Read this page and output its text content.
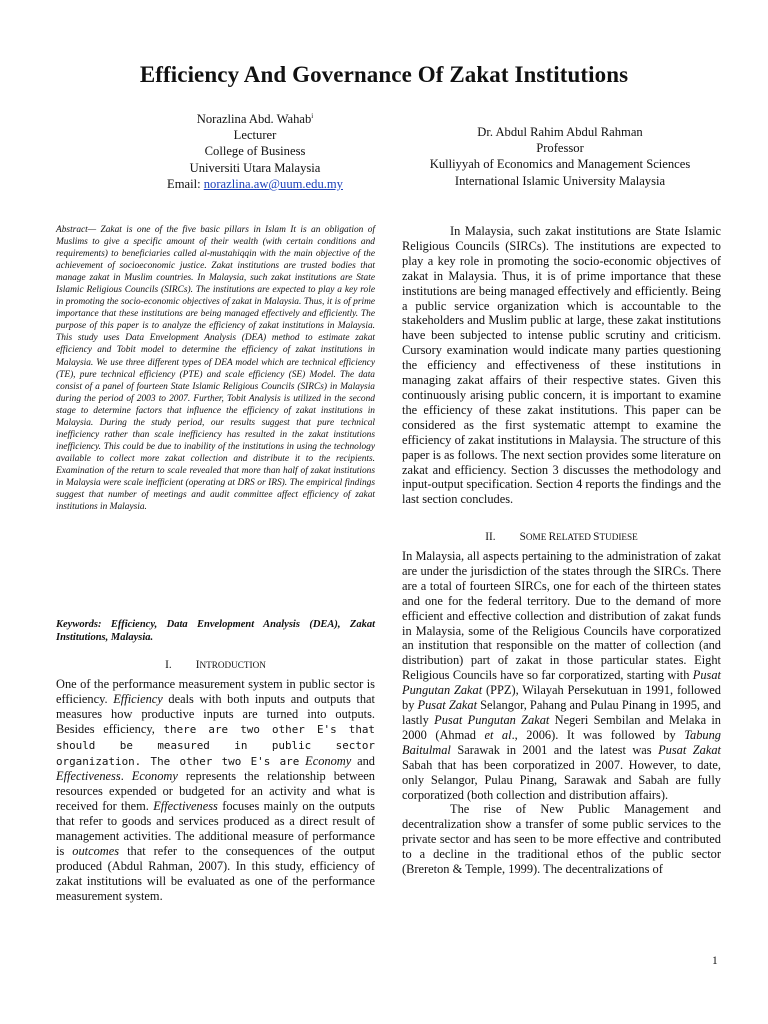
Efficiency And Governance Of Zakat Institutions
Norazlina Abd. Wahab$^i$
Lecturer
College of Business
Universiti Utara Malaysia
Email: norazlina.aw@uum.edu.my
Dr. Abdul Rahim Abdul Rahman
Professor
Kulliyyah of Economics and Management Sciences
International Islamic University Malaysia

Abstract— Zakat is one of the five basic pillars in Islam It is an obligation of Muslims to give a specific amount of their wealth (with certain conditions and requirements) to beneficiaries called al-mustahiqqin with the main objective of the achievement of socioeconomic justice. Zakat institutions are trusted bodies that manage zakat in Muslim countries. In Malaysia, such zakat institutions are State Islamic Religious Councils (SIRCs). The institutions are expected to play a key role in promoting the socio-economic objectives of zakat in Malaysia. Thus, it is of prime importance that these institutions are being managed effectively and efficiently. The purpose of this paper is to analyze the efficiency of zakat institutions in Malaysia. This study uses Data Envelopment Analysis (DEA) method to estimate zakat efficiency and Tobit model to determine the efficiency of zakat institutions in Malaysia. We use three different types of DEA model which are technical efficiency (TE), pure technical efficiency (PTE) and scale efficiency (SE) Model. The data consist of a panel of fourteen State Islamic Religious Councils (SIRCs) in Malaysia during the period of 2003 to 2007. Further, Tobit Analysis is utilized in the second stage to determine factors that influence the efficiency of zakat institutions in Malaysia. During the study period, our results suggest that pure technical inefficiency rather than scale inefficiency has resulted in the zakat institutions inefficiency. This could be due to inability of the institutions in using the technology available to collect more zakat collection and distribute it to the recipients. Examination of the return to scale revealed that more than half of zakat institutions in Malaysia were scale inefficient (operating at DRS or IRS). The empirical findings suggest that number of meetings and audit committee affect efficiency of zakat institutions in Malaysia.

Keywords: Efficiency, Data Envelopment Analysis (DEA), Zakat Institutions, Malaysia.
I. INTRODUCTION

One of the performance measurement system in public sector is efficiency. Efficiency deals with both inputs and outputs that measures how productive inputs are turned into outputs. Besides efficiency, there are two other E's that should be measured in public sector organization. The other two E's are Economy and Effectiveness. Economy represents the relationship between resources expended or budgeted for an activity and what is received for them. Effectiveness focuses mainly on the outputs that refer to goods and services produced as a direct result of management activities. The additional measure of performance is outcomes that refer to the consequences of the output produced (Abdul Rahman, 2007). In this study, efficiency of zakat institutions will be evaluated as one of the performance measurement system.

In Malaysia, such zakat institutions are State Islamic Religious Councils (SIRCs). The institutions are expected to play a key role in promoting the socio-economic objectives of zakat in Malaysia. Thus, it is of prime importance that these institutions are being managed effectively and efficiently. Being a public service organization which is accountable to the stakeholders and Muslim public at large, these zakat institutions have been subjected to intense public scrutiny and criticism. Cursory examination would indicate many parties questioning the efficiency and effectiveness of these institutions in managing zakat affairs of their respective states. Given this continuously arising public concern, it is important to examine the efficiency of these zakat institutions. This paper can be considered as the first systematic attempt to examine the efficiency of zakat institutions in Malaysia. The structure of this paper is as follows. The next section provides some literature on zakat and efficiency. Section 3 discusses the methodology and input-output specification. Section 4 reports the findings and the last section concludes.

II. SOME RELATED STUDIESE

In Malaysia, all aspects pertaining to the administration of zakat are under the jurisdiction of the states through the SIRCs. There are a total of fourteen SIRCs, one for each of the thirteen states and one for the federal territory. Due to the demand of more efficient and effective collection and distribution of zakat funds in Malaysia, some of the Religious Councils have corporatized an institution that responsible on the matter of collection (and distribution) part of zakat in those particular states. Eight Religious Councils have so far corporatized, starting with Pusat Pungutan Zakat (PPZ), Wilayah Persekutuan in 1991, followed by Pusat Zakat Selangor, Pahang and Pulau Pinang in 1995, and lastly Pusat Pungutan Zakat Negeri Sembilan and Melaka in 2000 (Ahmad et al., 2006). It was followed by Tabung Baitulmal Sarawak in 2001 and the latest was Pusat Zakat Sabah that has been corporatized in 2007. However, to date, only Selangor, Pulau Pinang, Sarawak and Sabah are fully corporatized (both collection and distribution affairs).

The rise of New Public Management and decentralization show a transfer of some public services to the private sector and has seen to be more effective and contributed to a decline in the traditional ethos of the public sector (Brereton & Temple, 1999). The decentralizations of

1
